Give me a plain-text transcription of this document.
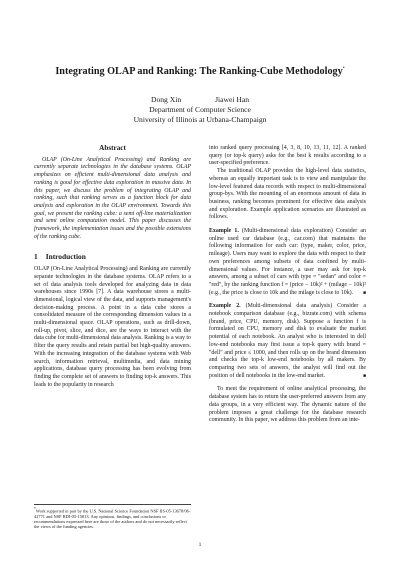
Integrating OLAP and Ranking: The Ranking-Cube Methodology*
Dong Xin	Jiawei Han
Department of Computer Science
University of Illinois at Urbana-Champaign
Abstract

OLAP (On-Line Analytical Processing) and Ranking are currently separate technologies in the database systems. OLAP emphasizes on efficient multi-dimensional data analysis and ranking is good for effective data exploration in massive data. In this paper, we discuss the problem of integrating OLAP and ranking, such that ranking serves as a function block for data analysis and exploration in the OLAP environment. Towards this goal, we present the ranking cube: a semi off-line materialization and semi online computation model. This paper discusses the framework, the implementation issues and the possible extensions of the ranking cube.

1 Introduction

OLAP (On-Line Analytical Processing) and Ranking are currently separate technologies in the database systems. OLAP refers to a set of data analysis tools developed for analyzing data in data warehouses since 1990s [7]. A data warehouse stores a multi-dimensional, logical view of the data, and supports management's decision-making process. A point in a data cube stores a consolidated measure of the corresponding dimension values in a multi-dimensional space. OLAP operations, such as drill-down, roll-up, pivot, slice, and dice, are the ways to interact with the data cube for multi-dimensional data analysis. Ranking is a way to filter the query results and retain partial but high-quality answers. With the increasing integration of the database systems with Web search, information retrieval, multimedia, and data mining applications, database query processing has been evolving from finding the complete set of answers to finding top-k answers. This leads to the popularity in research

*Work supported in part by the U.S. National Science Foundation NSF IIS-05-13678/06-42771 and NSF BDI-05-15813. Any opinions, findings, and conclusions or recommendations expressed here are those of the authors and do not necessarily reflect the views of the funding agencies.

into ranked query processing [4, 3, 8, 10, 13, 11, 12]. A ranked query (or top-k query) asks for the best k results according to a user-specified preference.

The traditional OLAP provides the high-level data statistics, whereas an equally important task is to view and manipulate the low-level featured data records with respect to multi-dimensional group-bys. With the mounting of an enormous amount of data in business, ranking becomes prominent for effective data analysis and exploration. Example application scenarios are illustrated as follows.

Example 1. (Multi-dimensional data exploration) Consider an online used car database (e.g., car.com) that maintains the following information for each car: (type, maker, color, price, mileage). Users may want to explore the data with respect to their own preferences among subsets of data confined by multi-dimensional values. For instance, a user may ask for top-k answers, among a subset of cars with type = "sedan" and color = "red", by the ranking function f = (price − 10k)² + (milage − 10k)² (e.g., the price is close to 10k and the milage is close to 10k). ■

Example 2. (Multi-dimensional data analysis) Consider a notebook comparison database (e.g., bizrate.com) with schema (brand, price, CPU, memory, disk). Suppose a function f is formulated on CPU, memory and disk to evaluate the market potential of each notebook. An analyst who is interested in dell low-end notebooks may first issue a top-k query with brand = "dell" and price ≤ 1000, and then rolls up on the brand dimension and checks the top-k low-end notebooks by all makers. By comparing two sets of answers, the analyst will find out the position of dell notebooks in the low-end market.	■

To meet the requirement of online analytical processing, the database system has to return the user-preferred answers from any data groups, in a very efficient way. The dynamic nature of the problem imposes a great challenge for the database research community. In this paper, we address this problem from an inte-

1
